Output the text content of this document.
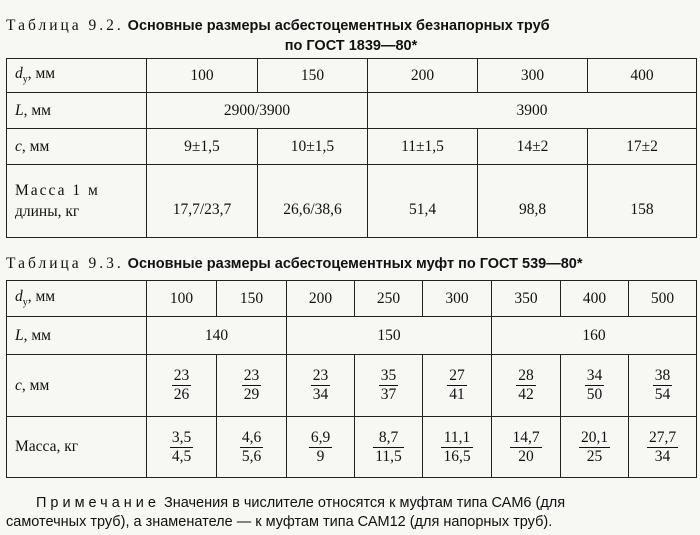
Таблица 9.2. Основные размеры асбестоцементных безнапорных труб
по ГОСТ 1839—80*
$d_у$, мм	100	150	200	300	400
L, мм	2900/3900		3900		
c, мм	9±1,5	10±1,5	11±1,5	14±2	17±2

Масса 1 м
длины, кг	17,7/23,7	26,6/38,6	51,4	98,8	158
Таблица 9.3. Основные размеры асбестоцементных муфт по ГОСТ 539—80*
$d_у$, мм	100	150	200	250	300	350	400	500
L, мм	140		150			160		
c, мм	$\frac{23}{26}$	$\frac{23}{29}$	$\frac{23}{34}$	$\frac{35}{37}$	$\frac{27}{41}$	$\frac{28}{42}$	$\frac{34}{50}$	$\frac{38}{54}$

Масса, кг	$\frac{3,5}{4,5}$	$\frac{4,6}{5,6}$	$\frac{6,9}{9}$	$\frac{8,7}{11,5}$	$\frac{11,1}{16,5}$	$\frac{14,7}{20}$	$\frac{20,1}{25}$	$\frac{27,7}{34}$
Примечание Значения в числителе относятся к муфтам типа САМ6 (для
самотечных труб), а знаменателе — к муфтам типа САМ12 (для напорных труб).
